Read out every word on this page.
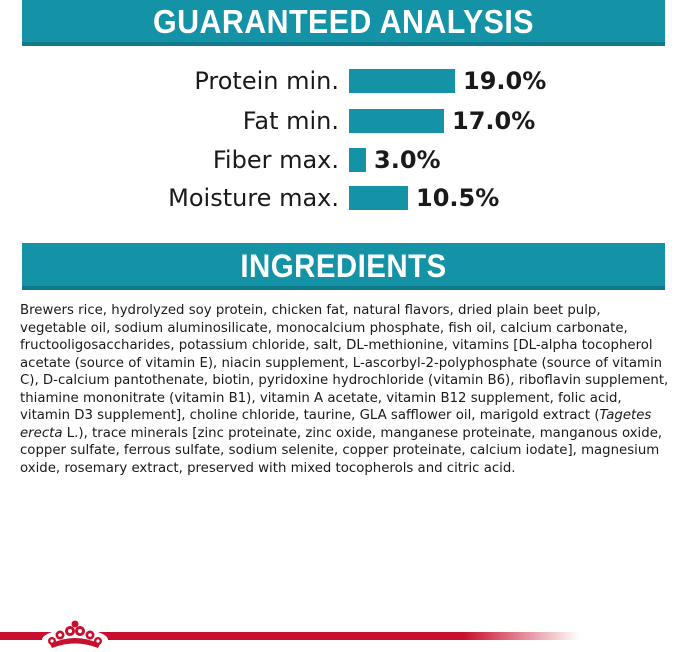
GUARANTEED ANALYSIS
Protein min.	19.0%
Fat min.	17.0%
Fiber max. 3.0%
Moisture max.	10.5%
INGREDIENTS

Brewers rice, hydrolyzed soy protein, chicken fat, natural flavors, dried plain beet pulp, vegetable oil, sodium aluminosilicate, monocalcium phosphate, fish oil, calcium carbonate, fructooligosaccharides, potassium chloride, salt, DL-methionine, vitamins [DL-alpha tocopherol acetate (source of vitamin E), niacin supplement, L-ascorbyl-2-polyphosphate (source of vitamin C), D-calcium pantothenate, biotin, pyridoxine hydrochloride (vitamin B6), riboflavin supplement, thiamine mononitrate (vitamin B1), vitamin A acetate, vitamin B12 supplement, folic acid, vitamin D3 supplement], choline chloride, taurine, GLA safflower oil, marigold extract (Tagetes erecta L.), trace minerals [zinc proteinate, zinc oxide, manganese proteinate, manganous oxide, copper sulfate, ferrous sulfate, sodium selenite, copper proteinate, calcium iodate], magnesium oxide, rosemary extract, preserved with mixed tocopherols and citric acid.
